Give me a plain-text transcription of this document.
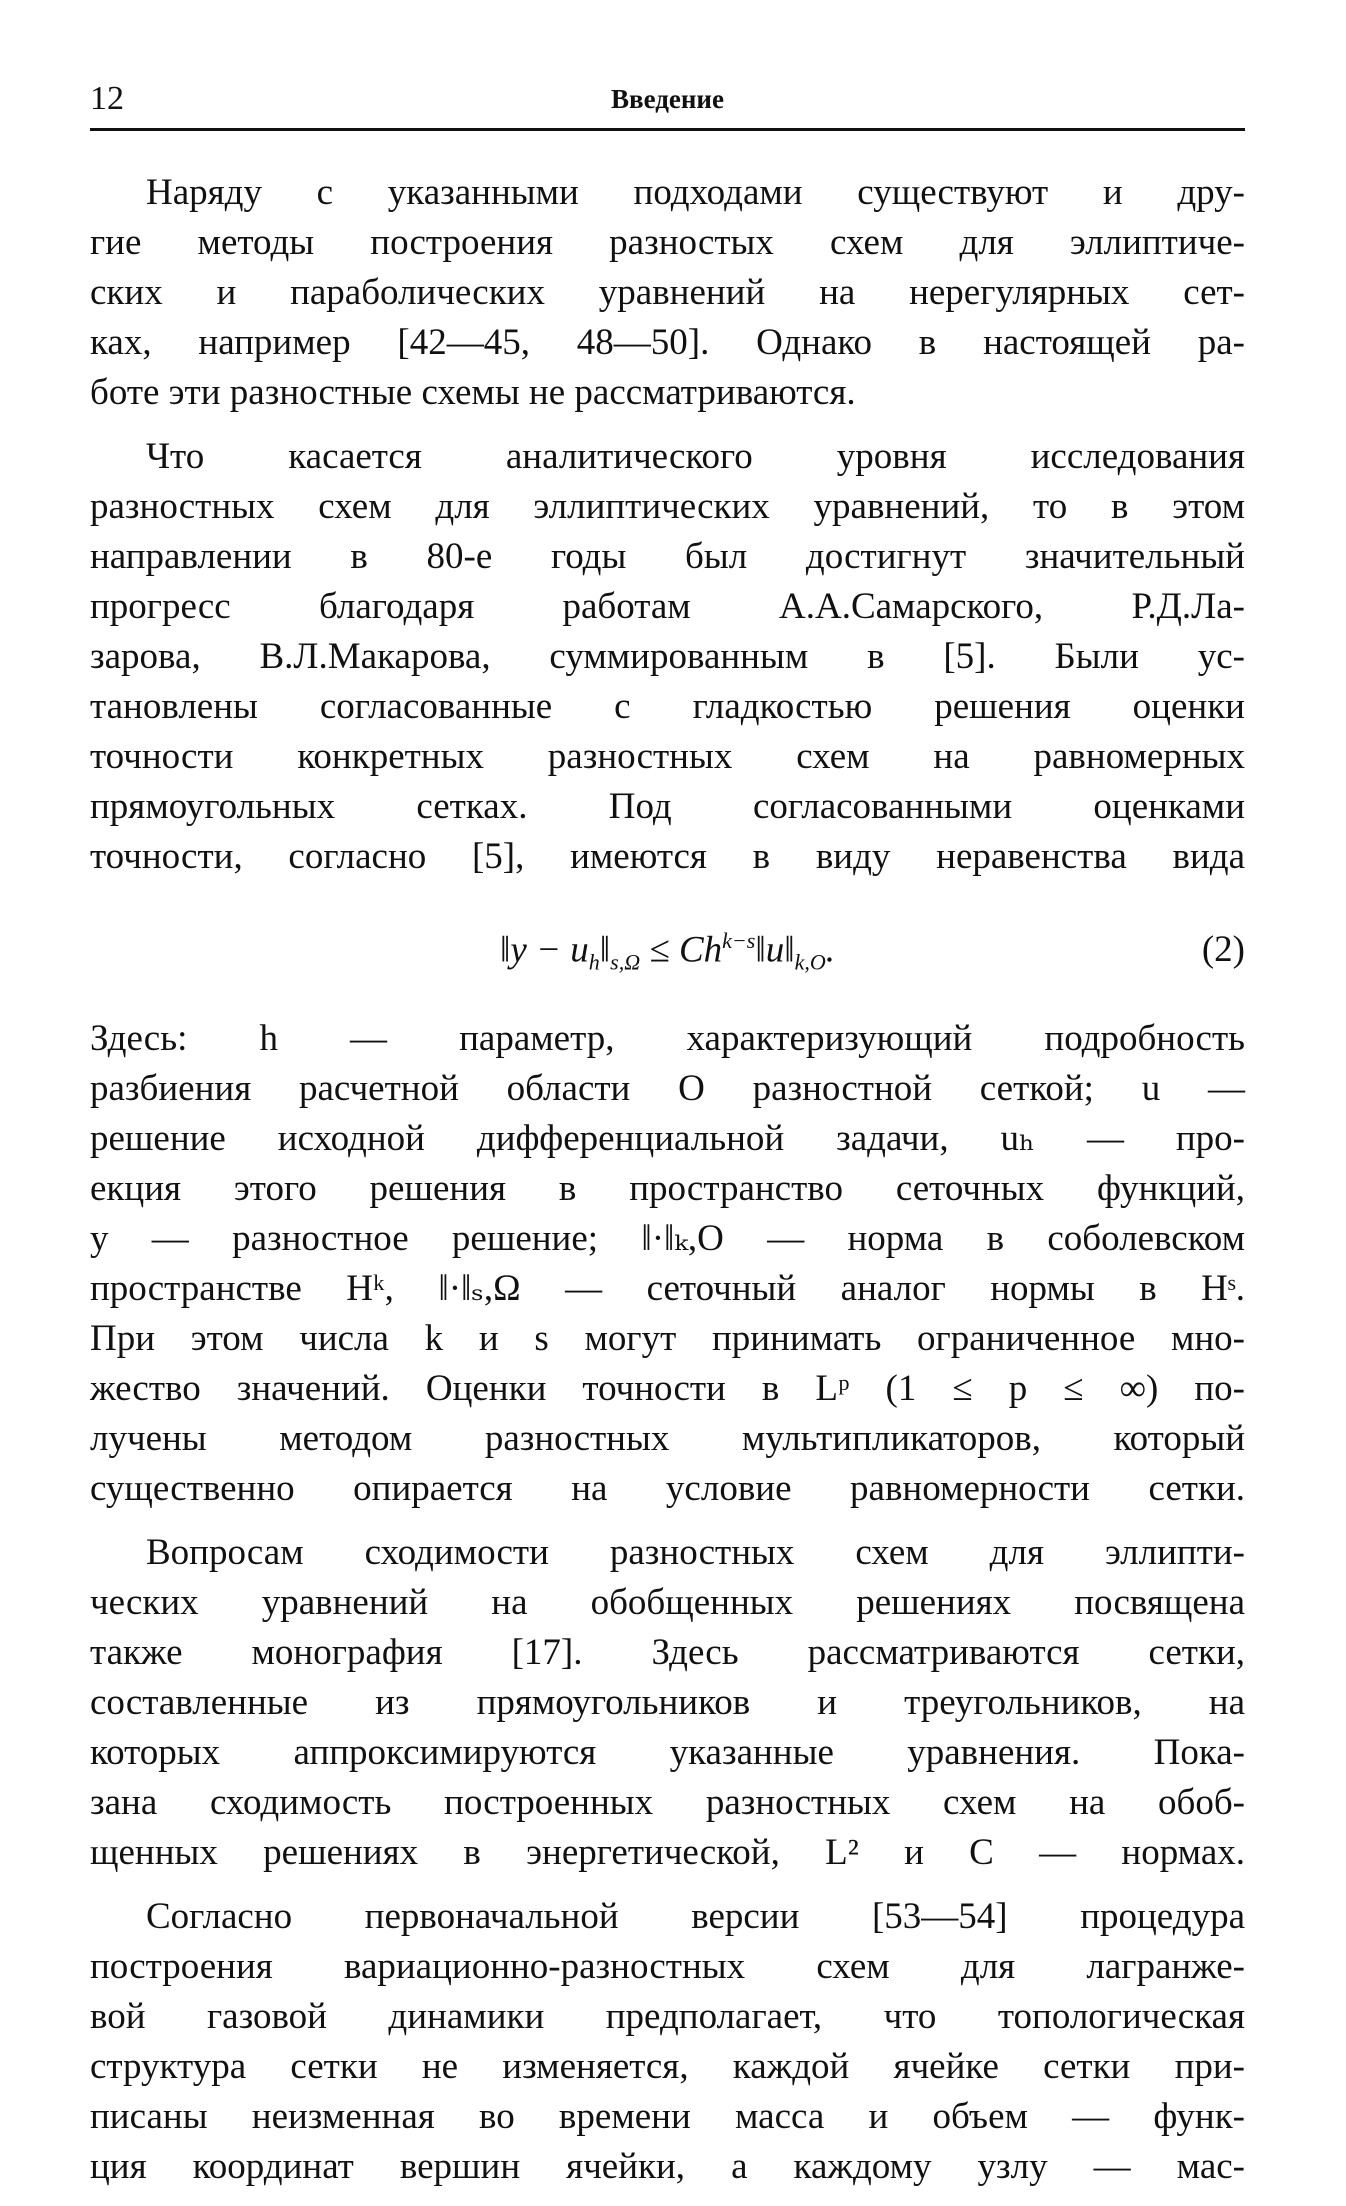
12	Введение
Наряду с указанными подходами существуют и дру-
гие методы построения разностых схем для эллиптиче-
ских и параболических уравнений на нерегулярных сет-
ках, например [42—45, 48—50]. Однако в настоящей ра-
боте эти разностные схемы не рассматриваются.
Что касается аналитического уровня исследования
разностных схем для эллиптических уравнений, то в этом
направлении в 80-е годы был достигнут значительный
прогресс благодаря работам А.А.Самарского, Р.Д.Ла-
зарова, В.Л.Макарова, суммированным в [5]. Были ус-
тановлены согласованные с гладкостью решения оценки
точности конкретных разностных схем на равномерных
прямоугольных сетках. Под согласованными оценками
точности, согласно [5], имеются в виду неравенства вида
‖y − $u_h‖_{s,\Omega}$ ≤ $Ch^{k-s}‖u‖_{k,O}$.	(2)
Здесь: h — параметр, характеризующий подробность
разбиения расчетной области O разностной сеткой; u —
решение исходной дифференциальной задачи, uₕ — про-
екция этого решения в пространство сеточных функций,
y — разностное решение; ‖·‖ₖ,O — норма в соболевском
пространстве Hᵏ, ‖·‖ₛ,Ω — сеточный аналог нормы в Hˢ.
При этом числа k и s могут принимать ограниченное мно-
жество значений. Оценки точности в Lᵖ (1 ≤ p ≤ ∞) по-
лучены методом разностных мультипликаторов, который
существенно опирается на условие равномерности сетки.
Вопросам сходимости разностных схем для эллипти-
ческих уравнений на обобщенных решениях посвящена
также монография [17]. Здесь рассматриваются сетки,
составленные из прямоугольников и треугольников, на
которых аппроксимируются указанные уравнения. Пока-
зана сходимость построенных разностных схем на обоб-
щенных решениях в энергетической, L² и C — нормах.
Согласно первоначальной версии [53—54] процедура
построения вариационно-разностных схем для лагранже-
вой газовой динамики предполагает, что топологическая
структура сетки не изменяется, каждой ячейке сетки при-
писаны неизменная во времени масса и объем — функ-
ция координат вершин ячейки, а каждому узлу — мас-
